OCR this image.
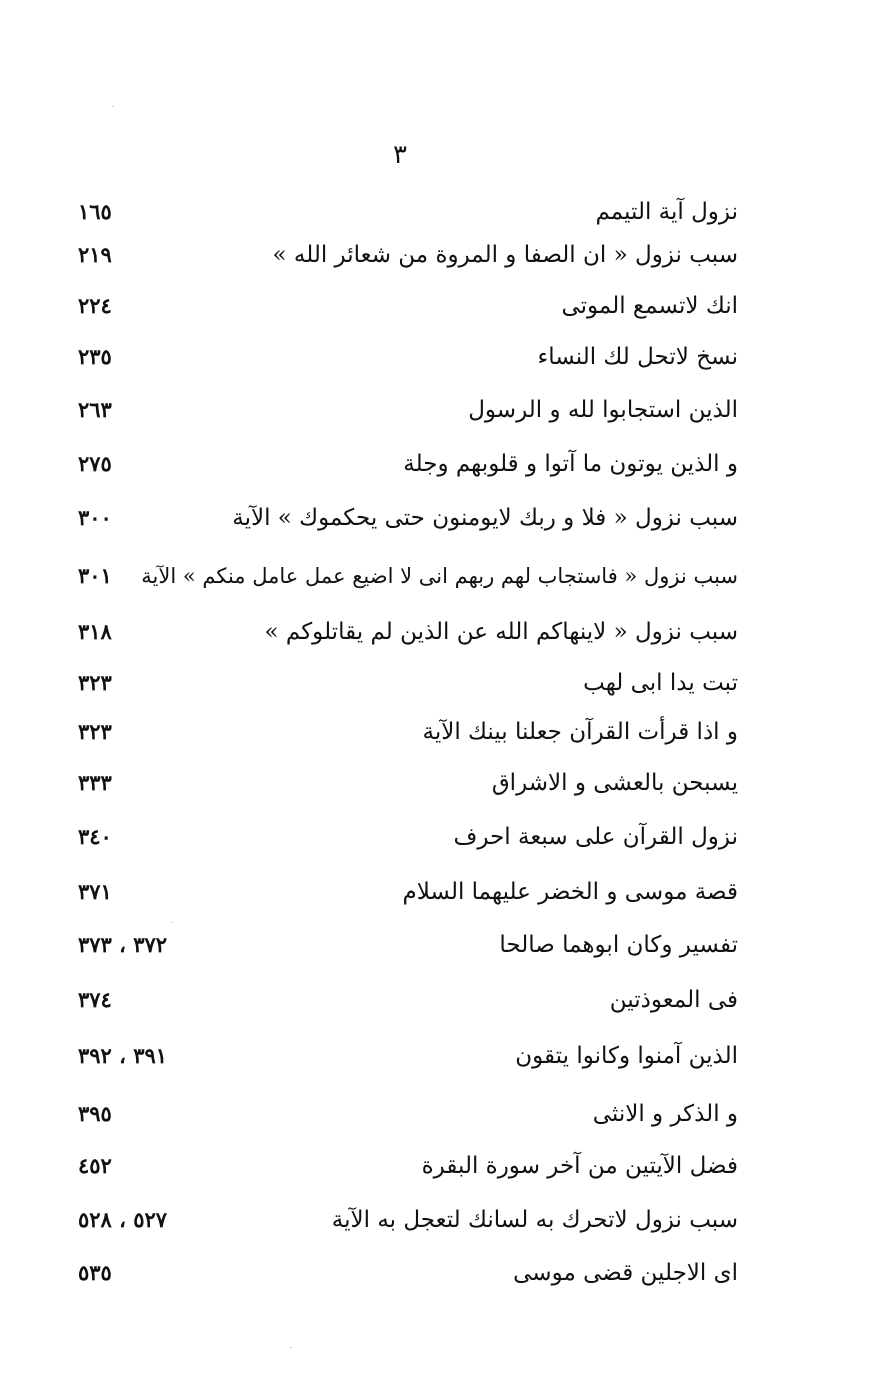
٣
نزول آية التيمم
١٦٥
سبب نزول « ان الصفا و المروة من شعائر الله »
٢١٩
انك لاتسمع الموتى
٢٢٤
نسخ لاتحل لك النساء
٢٣٥
الذين استجابوا لله و الرسول
٢٦٣
و الذين يوتون ما آتوا و قلوبهم وجلة
٢٧٥
سبب نزول « فلا و ربك لايومنون حتى يحكموك » الآية
٣٠٠
سبب نزول « فاستجاب لهم ربهم انى لا اضيع عمل عامل منكم » الآية
٣٠١
سبب نزول « لاينهاكم الله عن الذين لم يقاتلوكم »
٣١٨
تبت يدا ابى لهب
٣٢٣
و اذا قرأت القرآن جعلنا بينك الآية
٣٢٣
يسبحن بالعشى و الاشراق
٣٣٣
نزول القرآن على سبعة احرف
٣٤٠
قصة موسى و الخضر عليهما السلام
٣٧١
تفسير وكان ابوهما صالحا
٣٧٢ ، ٣٧٣
فى المعوذتين
٣٧٤
الذين آمنوا وكانوا يتقون
٣٩١ ، ٣٩٢
و الذكر و الانثى
٣٩٥
فضل الآيتين من آخر سورة البقرة
٤٥٢
سبب نزول لاتحرك به لسانك لتعجل به الآية
٥٢٧ ، ٥٢٨
اى الاجلين قضى موسى
٥٣٥
